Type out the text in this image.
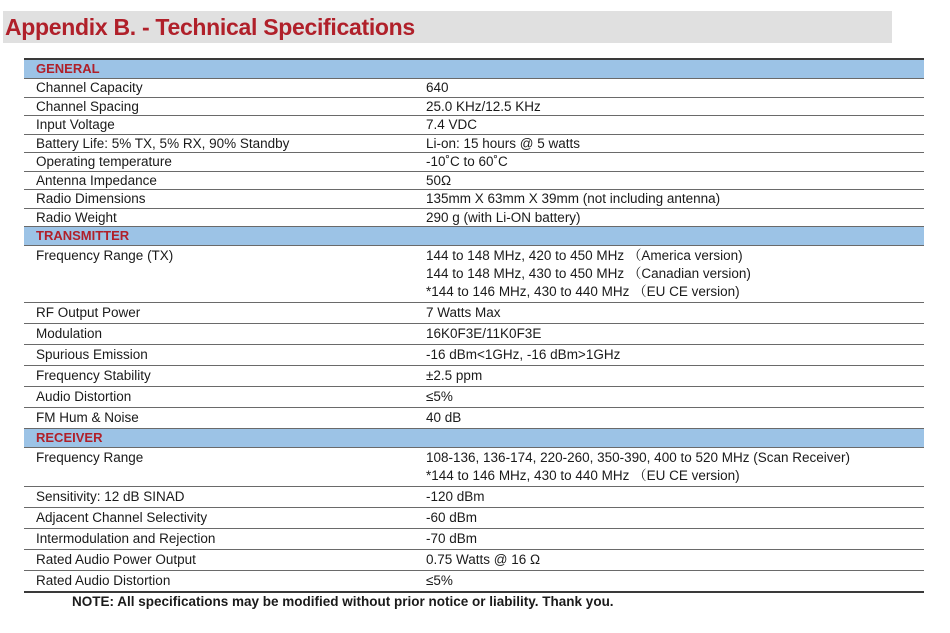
Appendix B. - Technical Specifications
GENERAL	
Channel Capacity	640

Channel Spacing	25.0 KHz/12.5 KHz

Input Voltage	7.4 VDC

Battery Life: 5% TX, 5% RX, 90% Standby	Li-on: 15 hours @ 5 watts

Operating temperature	-10˚C to 60˚C

Antenna Impedance	50Ω

Radio Dimensions	135mm X 63mm X 39mm (not including antenna)

Radio Weight	290 g (with Li-ON battery)

TRANSMITTER	
Frequency Range (TX)	144 to 148 MHz, 420 to 450 MHz （America version)
144 to 148 MHz, 430 to 450 MHz （Canadian version)
*144 to 146 MHz, 430 to 440 MHz （EU CE version)

RF Output Power	7 Watts Max

Modulation	16K0F3E/11K0F3E

Spurious Emission	-16 dBm<1GHz, -16 dBm>1GHz

Frequency Stability	±2.5 ppm

Audio Distortion	≤5%

FM Hum & Noise	40 dB

RECEIVER	
Frequency Range	108-136, 136-174, 220-260, 350-390, 400 to 520 MHz (Scan Receiver)
*144 to 146 MHz, 430 to 440 MHz （EU CE version)

Sensitivity: 12 dB SINAD	-120 dBm

Adjacent Channel Selectivity	-60 dBm

Intermodulation and Rejection	-70 dBm

Rated Audio Power Output	0.75 Watts @ 16 Ω

Rated Audio Distortion	≤5%
NOTE: All specifications may be modified without prior notice or liability. Thank you.
